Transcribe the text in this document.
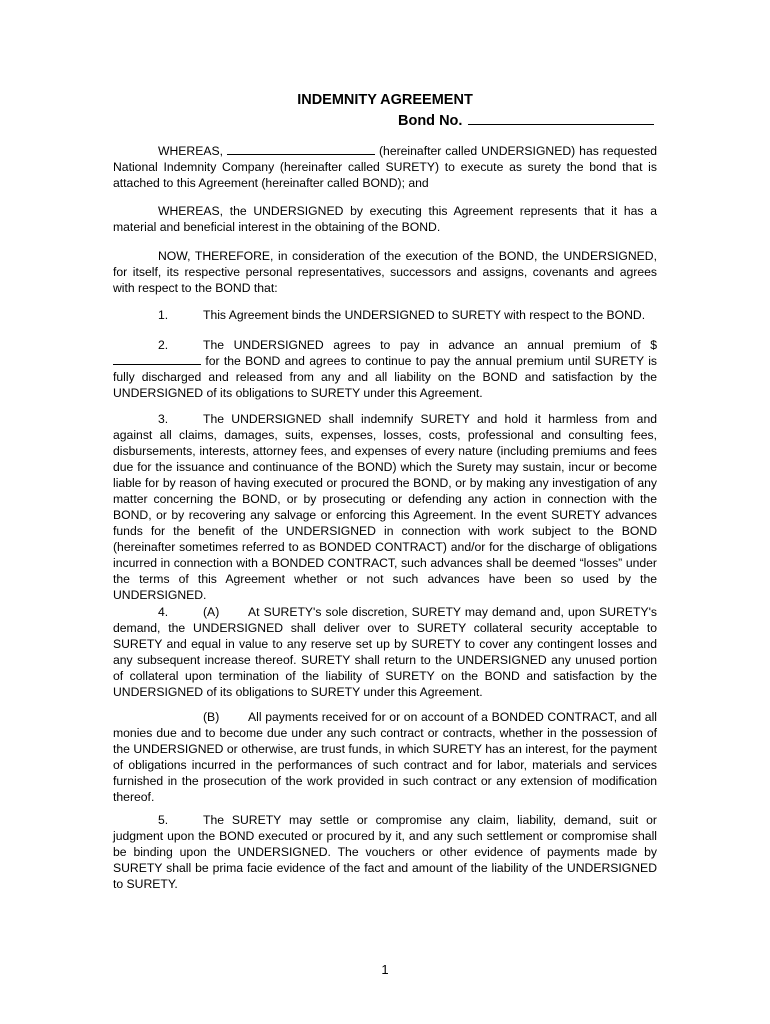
INDEMNITY AGREEMENT
Bond No.
WHEREAS,	(hereinafter called UNDERSIGNED) has requested National Indemnity Company (hereinafter called SURETY) to execute as surety the bond that is attached to this Agreement (hereinafter called BOND); and
WHEREAS, the UNDERSIGNED by executing this Agreement represents that it has a material and beneficial interest in the obtaining of the BOND.
NOW, THEREFORE, in consideration of the execution of the BOND, the UNDERSIGNED, for itself, its respective personal representatives, successors and assigns, covenants and agrees with respect to the BOND that:
1.	This Agreement binds the UNDERSIGNED to SURETY with respect to the BOND.
2.	The UNDERSIGNED agrees to pay in advance an annual premium of $ for the BOND and agrees to continue to pay the annual premium until SURETY is fully discharged and released from any and all liability on the BOND and satisfaction by the UNDERSIGNED of its obligations to SURETY under this Agreement.
3.	The UNDERSIGNED shall indemnify SURETY and hold it harmless from and against all claims, damages, suits, expenses, losses, costs, professional and consulting fees, disbursements, interests, attorney fees, and expenses of every nature (including premiums and fees due for the issuance and continuance of the BOND) which the Surety may sustain, incur or become liable for by reason of having executed or procured the BOND, or by making any investigation of any matter concerning the BOND, or by prosecuting or defending any action in connection with the BOND, or by recovering any salvage or enforcing this Agreement. In the event SURETY advances funds for the benefit of the UNDERSIGNED in connection with work subject to the BOND (hereinafter sometimes referred to as BONDED CONTRACT) and/or for the discharge of obligations incurred in connection with a BONDED CONTRACT, such advances shall be deemed “losses” under the terms of this Agreement whether or not such advances have been so used by the UNDERSIGNED.
4.	(A) At SURETY's sole discretion, SURETY may demand and, upon SURETY's demand, the UNDERSIGNED shall deliver over to SURETY collateral security acceptable to SURETY and equal in value to any reserve set up by SURETY to cover any contingent losses and any subsequent increase thereof. SURETY shall return to the UNDERSIGNED any unused portion of collateral upon termination of the liability of SURETY on the BOND and satisfaction by the UNDERSIGNED of its obligations to SURETY under this Agreement.
(B) All payments received for or on account of a BONDED CONTRACT, and all monies due and to become due under any such contract or contracts, whether in the possession of the UNDERSIGNED or otherwise, are trust funds, in which SURETY has an interest, for the payment of obligations incurred in the performances of such contract and for labor, materials and services furnished in the prosecution of the work provided in such contract or any extension of modification thereof.
5.	The SURETY may settle or compromise any claim, liability, demand, suit or judgment upon the BOND executed or procured by it, and any such settlement or compromise shall be binding upon the UNDERSIGNED. The vouchers or other evidence of payments made by SURETY shall be prima facie evidence of the fact and amount of the liability of the UNDERSIGNED to SURETY.
1
